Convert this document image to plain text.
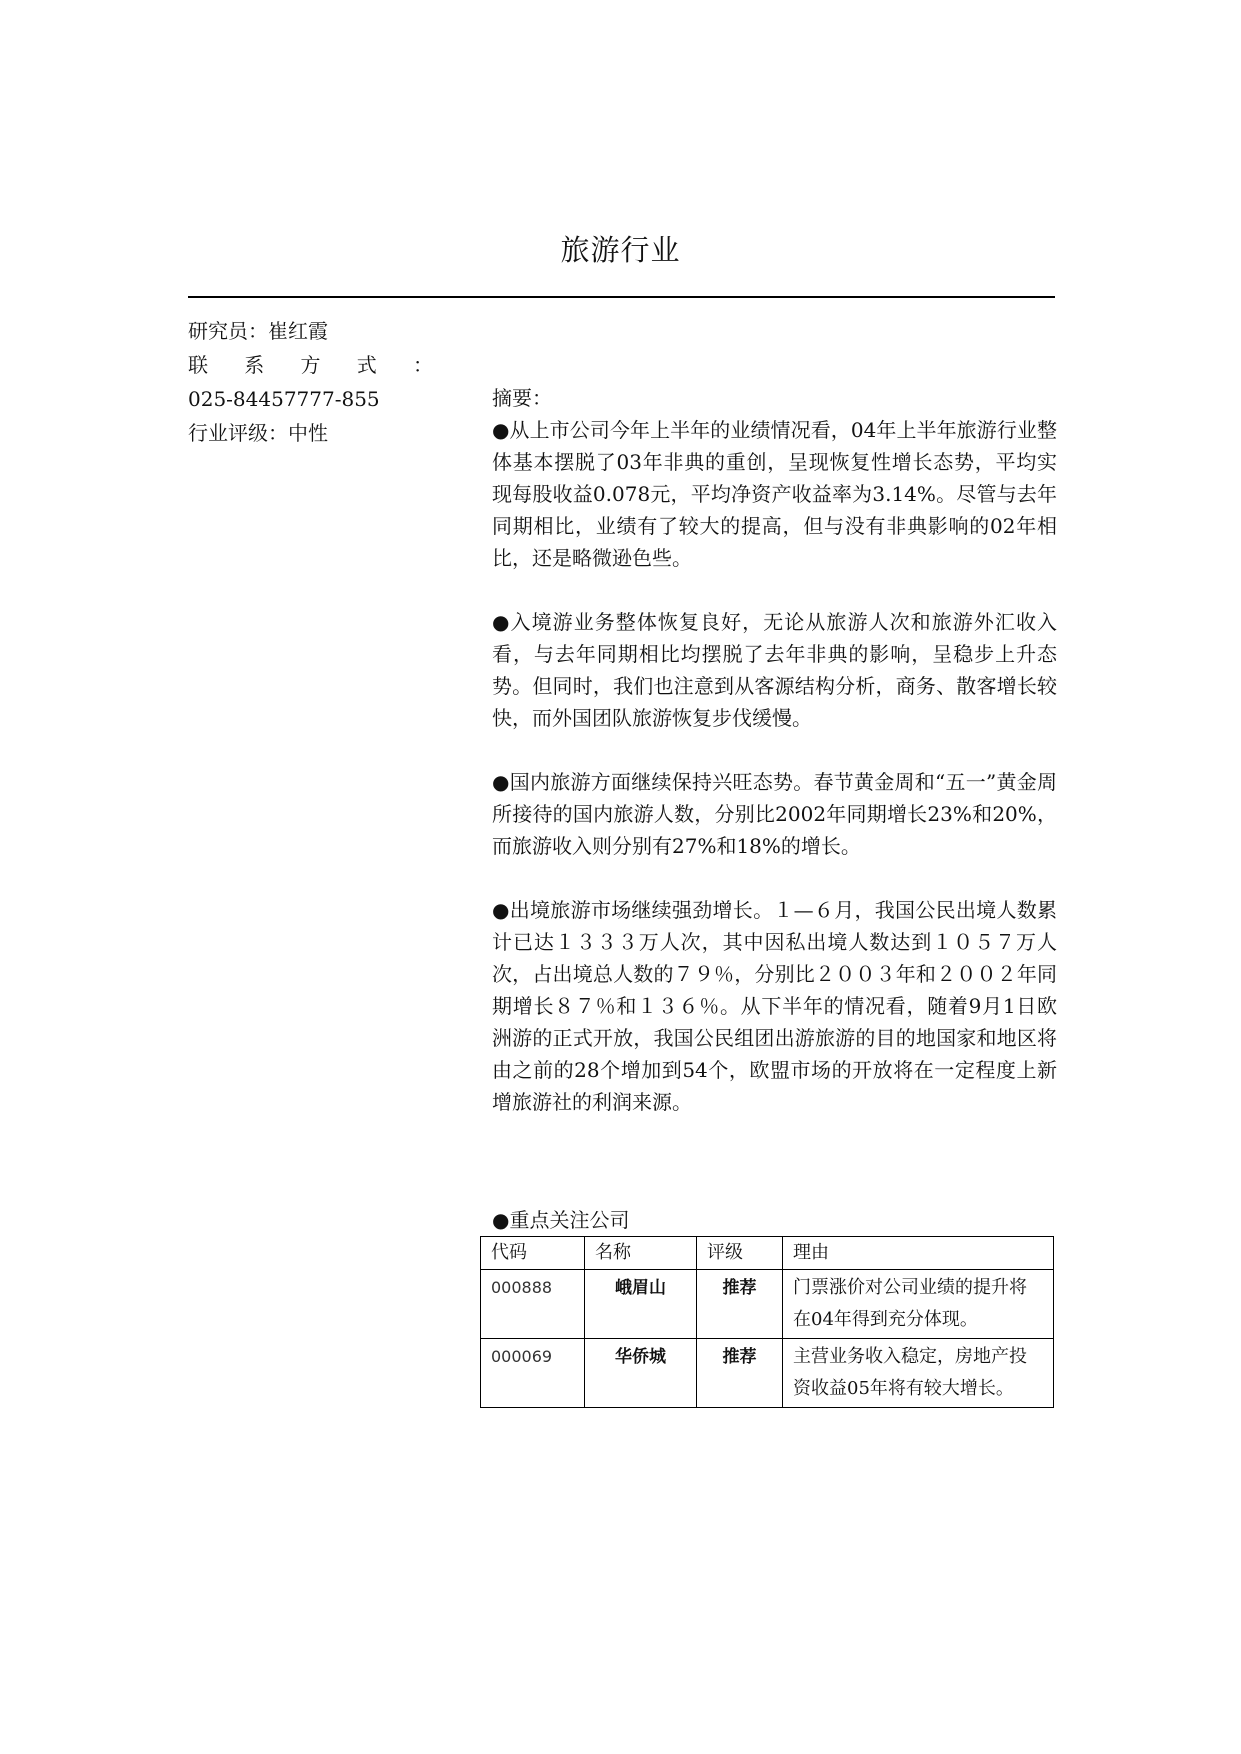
旅游行业
研究员：崔红霞
联 系 方 式 ：
025-84457777-855
行业评级：中性

摘要：

●从上市公司今年上半年的业绩情况看，04年上半年旅游行业整体基本摆脱了03年非典的重创，呈现恢复性增长态势，平均实现每股收益0.078元，平均净资产收益率为3.14%。尽管与去年同期相比，业绩有了较大的提高，但与没有非典影响的02年相比，还是略微逊色些。

●入境游业务整体恢复良好，无论从旅游人次和旅游外汇收入看，与去年同期相比均摆脱了去年非典的影响，呈稳步上升态势。但同时，我们也注意到从客源结构分析，商务、散客增长较快，而外国团队旅游恢复步伐缓慢。

●国内旅游方面继续保持兴旺态势。春节黄金周和“五一”黄金周所接待的国内旅游人数，分别比2002年同期增长23%和20%，而旅游收入则分别有27%和18%的增长。

●出境旅游市场继续强劲增长。１—６月，我国公民出境人数累计已达１３３３万人次，其中因私出境人数达到１０５７万人次，占出境总人数的７９％，分别比２００３年和２００２年同期增长８７％和１３６％。从下半年的情况看，随着9月1日欧洲游的正式开放，我国公民组团出游旅游的目的地国家和地区将由之前的28个增加到54个，欧盟市场的开放将在一定程度上新增旅游社的利润来源。

●重点关注公司
代码	名称	评级	理由
000888	峨眉山	推荐	门票涨价对公司业绩的提升将在04年得到充分体现。
000069	华侨城	推荐	主营业务收入稳定，房地产投资收益05年将有较大增长。
